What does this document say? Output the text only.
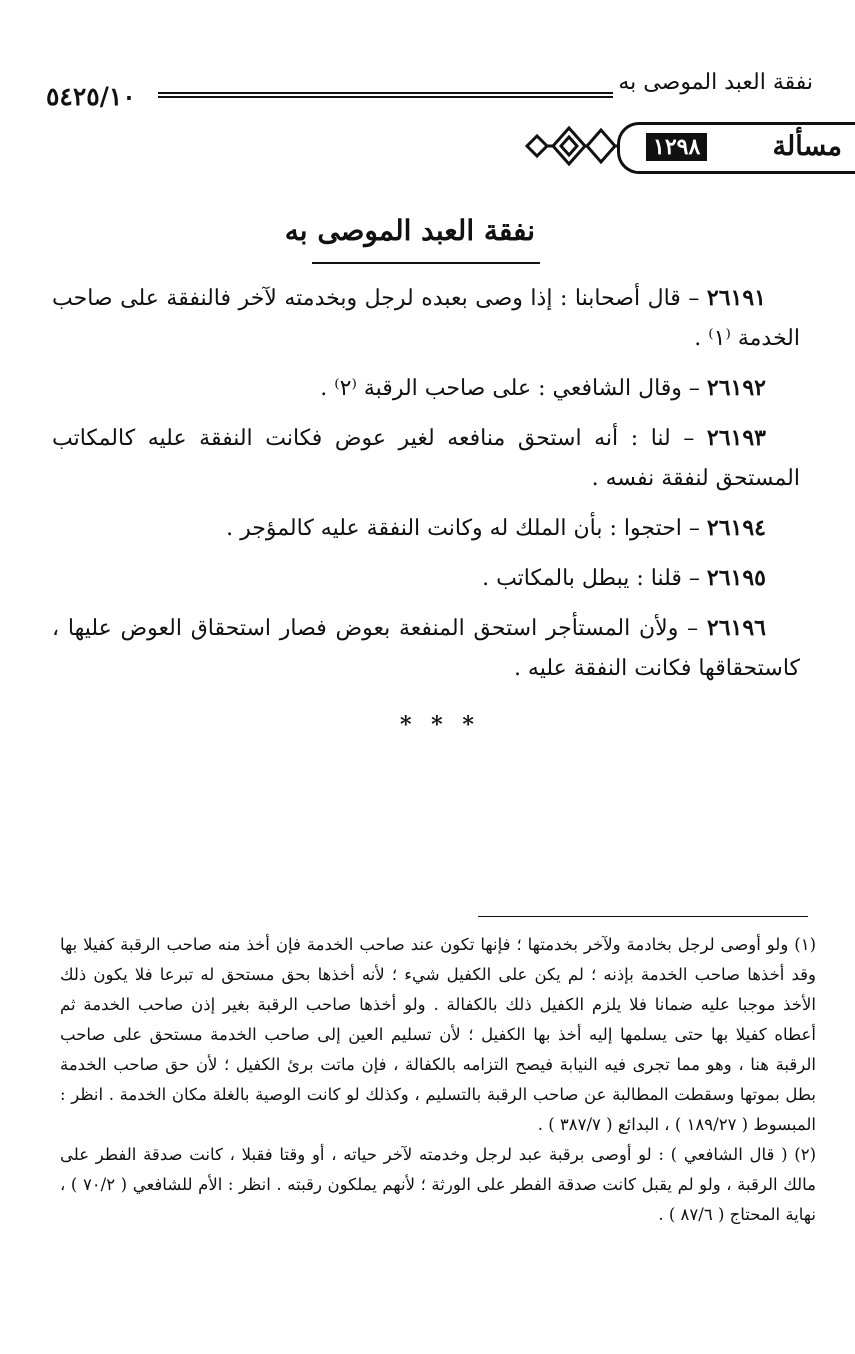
نفقة العبد الموصى به
٥٤٢٥/١٠
مسألة
١٢٩٨
نفقة العبد الموصى به

٢٦١٩١ – قال أصحابنا : إذا وصى بعبده لرجل وبخدمته لآخر فالنفقة على صاحب الخدمة ⁽١⁾ .

٢٦١٩٢ – وقال الشافعي : على صاحب الرقبة ⁽٢⁾ .

٢٦١٩٣ – لنا : أنه استحق منافعه لغير عوض فكانت النفقة عليه كالمكاتب المستحق لنفقة نفسه .

٢٦١٩٤ – احتجوا : بأن الملك له وكانت النفقة عليه كالمؤجر .

٢٦١٩٥ – قلنا : يبطل بالمكاتب .

٢٦١٩٦ – ولأن المستأجر استحق المنفعة بعوض فصار استحقاق العوض عليها ، كاستحقاقها فكانت النفقة عليه .

* * *

(١) ولو أوصى لرجل بخادمة ولآخر بخدمتها ؛ فإنها تكون عند صاحب الخدمة فإن أخذ منه صاحب الرقبة كفيلا بها وقد أخذها صاحب الخدمة بإذنه ؛ لم يكن على الكفيل شيء ؛ لأنه أخذها بحق مستحق له تبرعا فلا يكون ذلك الأخذ موجبا عليه ضمانا فلا يلزم الكفيل ذلك بالكفالة . ولو أخذها صاحب الرقبة بغير إذن صاحب الخدمة ثم أعطاه كفيلا بها حتى يسلمها إليه أخذ بها الكفيل ؛ لأن تسليم العين إلى صاحب الخدمة مستحق على صاحب الرقبة هنا ، وهو مما تجرى فيه النيابة فيصح التزامه بالكفالة ، فإن ماتت برئ الكفيل ؛ لأن حق صاحب الخدمة بطل بموتها وسقطت المطالبة عن صاحب الرقبة بالتسليم ، وكذلك لو كانت الوصية بالغلة مكان الخدمة . انظر : المبسوط ( ١٨٩/٢٧ ) ، البدائع ( ٣٨٧/٧ ) .

(٢) ( قال الشافعي ) : لو أوصى برقبة عبد لرجل وخدمته لآخر حياته ، أو وقتا فقبلا ، كانت صدقة الفطر على مالك الرقبة ، ولو لم يقبل كانت صدقة الفطر على الورثة ؛ لأنهم يملكون رقبته . انظر : الأم للشافعي ( ٧٠/٢ ) ، نهاية المحتاج ( ٨٧/٦ ) .
